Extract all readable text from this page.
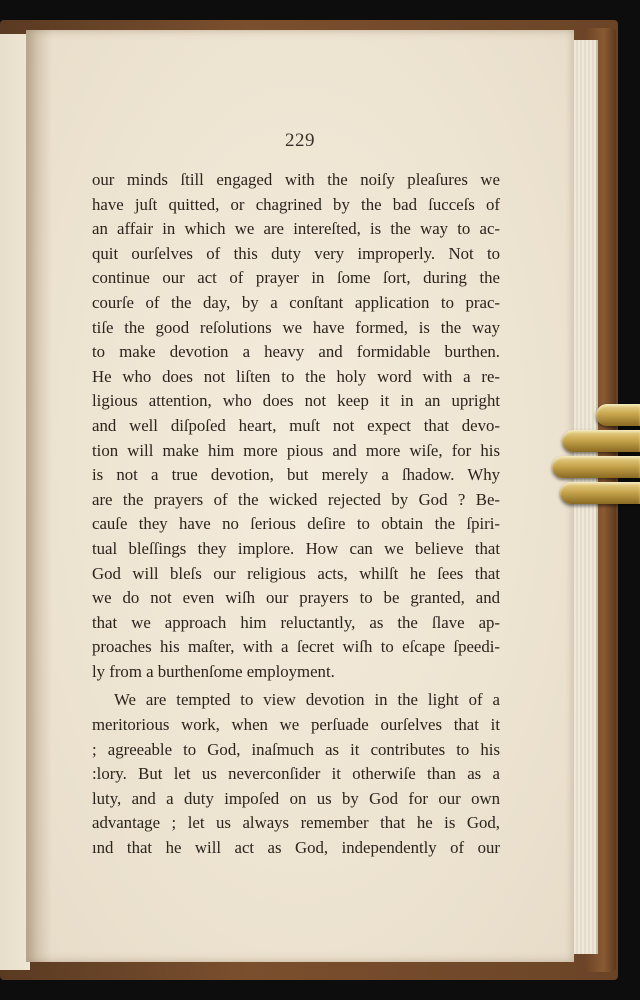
229
our minds ſtill engaged with the noiſy pleaſures we
have juſt quitted, or chagrined by the bad ſucceſs of
an affair in which we are intereſted, is the way to ac-
quit ourſelves of this duty very improperly. Not to
continue our act of prayer in ſome ſort, during the
courſe of the day, by a conſtant application to prac-
tiſe the good reſolutions we have formed, is the way
to make devotion a heavy and formidable burthen.
He who does not liſten to the holy word with a re-
ligious attention, who does not keep it in an upright
and well diſpoſed heart, muſt not expect that devo-
tion will make him more pious and more wiſe, for his
is not a true devotion, but merely a ſhadow. Why
are the prayers of the wicked rejected by God ? Be-
cauſe they have no ſerious deſire to obtain the ſpiri-
tual bleſſings they implore. How can we believe that
God will bleſs our religious acts, whilſt he ſees that
we do not even wiſh our prayers to be granted, and
that we approach him reluctantly, as the ſlave ap-
proaches his maſter, with a ſecret wiſh to eſcape ſpeedi-
ly from a burthenſome employment.
We are tempted to view devotion in the light of a
meritorious work, when we perſuade ourſelves that it
; agreeable to God, inaſmuch as it contributes to his
:lory. But let us neverconſider it otherwiſe than as a
luty, and a duty impoſed on us by God for our own
advantage ; let us always remember that he is God,
ınd that he will act as God, independently of our
